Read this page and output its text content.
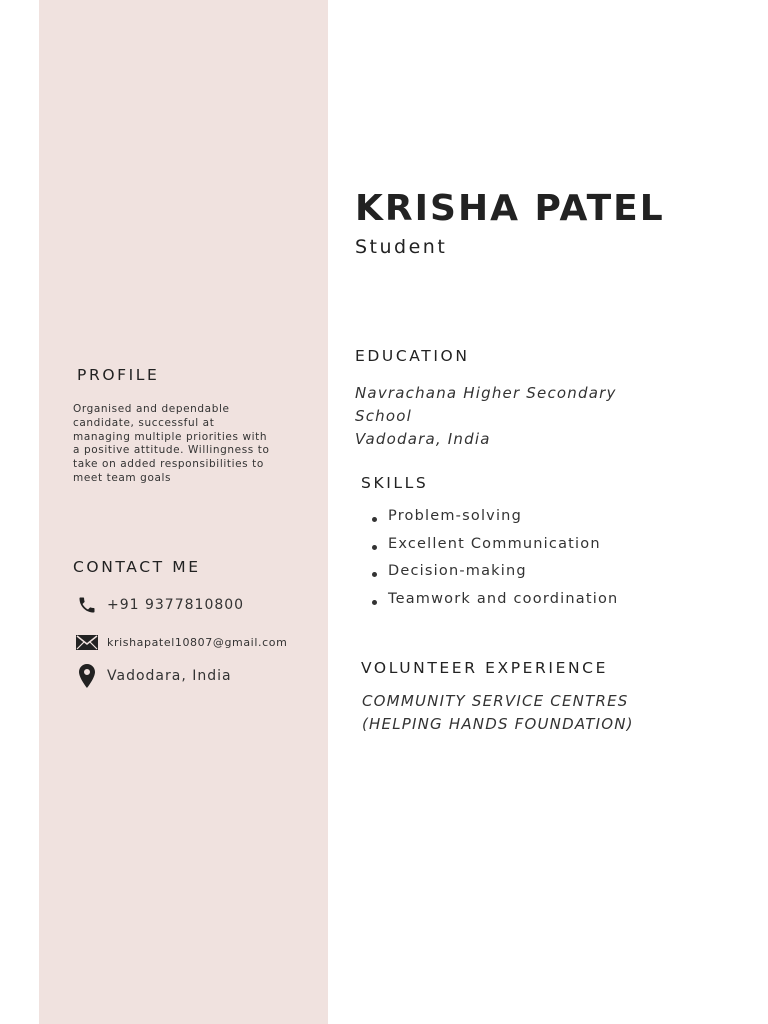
KRISHA PATEL
Student
PROFILE
Organised and dependable candidate, successful at managing multiple priorities with a positive attitude. Willingness to take on added responsibilities to meet team goals
CONTACT ME
+91 9377810800
krishapatel10807@gmail.com
Vadodara, India
EDUCATION
Navrachana Higher Secondary
School
Vadodara, India
SKILLS
Problem-solving
Excellent Communication
Decision-making
Teamwork and coordination
VOLUNTEER EXPERIENCE
COMMUNITY SERVICE CENTRES
(HELPING HANDS FOUNDATION)
